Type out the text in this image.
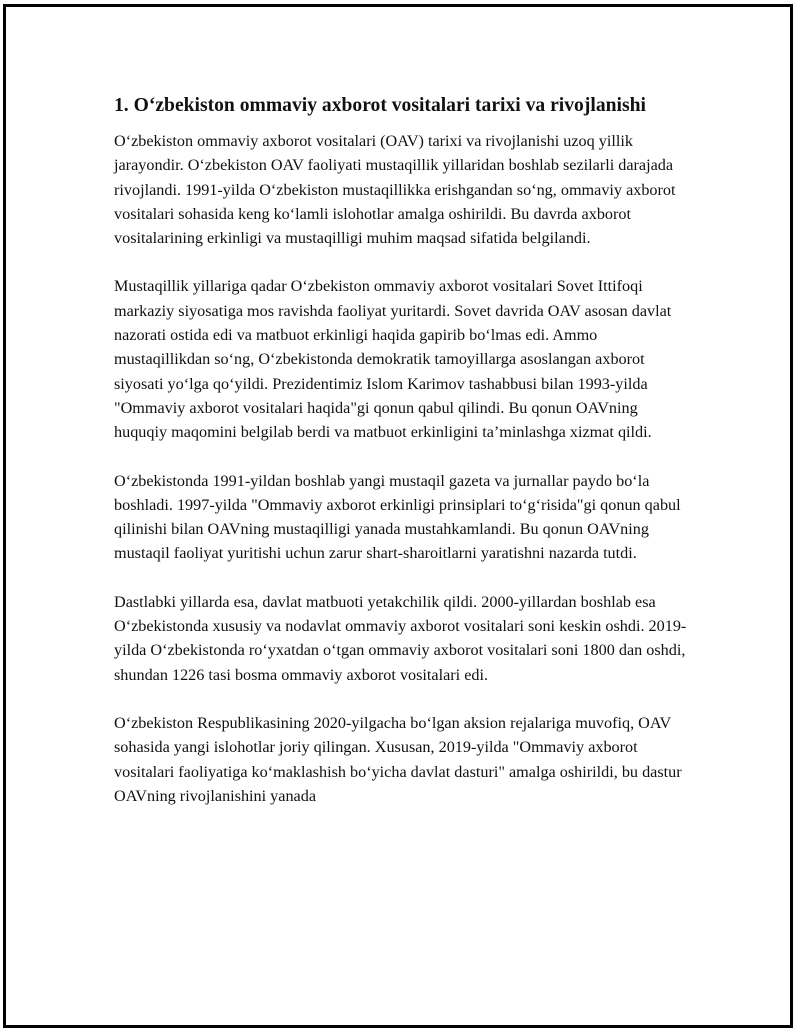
1. O‘zbekiston ommaviy axborot vositalari tarixi va rivojlanishi

O‘zbekiston ommaviy axborot vositalari (OAV) tarixi va rivojlanishi uzoq yillik jarayondir. O‘zbekiston OAV faoliyati mustaqillik yillaridan boshlab sezilarli darajada rivojlandi. 1991-yilda O‘zbekiston mustaqillikka erishgandan so‘ng, ommaviy axborot vositalari sohasida keng ko‘lamli islohotlar amalga oshirildi. Bu davrda axborot vositalarining erkinligi va mustaqilligi muhim maqsad sifatida belgilandi.

Mustaqillik yillariga qadar O‘zbekiston ommaviy axborot vositalari Sovet Ittifoqi markaziy siyosatiga mos ravishda faoliyat yuritardi. Sovet davrida OAV asosan davlat nazorati ostida edi va matbuot erkinligi haqida gapirib bo‘lmas edi. Ammo mustaqillikdan so‘ng, O‘zbekistonda demokratik tamoyillarga asoslangan axborot siyosati yo‘lga qo‘yildi. Prezidentimiz Islom Karimov tashabbusi bilan 1993-yilda "Ommaviy axborot vositalari haqida"gi qonun qabul qilindi. Bu qonun OAVning huquqiy maqomini belgilab berdi va matbuot erkinligini ta’minlashga xizmat qildi.

O‘zbekistonda 1991-yildan boshlab yangi mustaqil gazeta va jurnallar paydo bo‘la boshladi. 1997-yilda "Ommaviy axborot erkinligi prinsiplari to‘g‘risida"gi qonun qabul qilinishi bilan OAVning mustaqilligi yanada mustahkamlandi. Bu qonun OAVning mustaqil faoliyat yuritishi uchun zarur shart-sharoitlarni yaratishni nazarda tutdi.

Dastlabki yillarda esa, davlat matbuoti yetakchilik qildi. 2000-yillardan boshlab esa O‘zbekistonda xususiy va nodavlat ommaviy axborot vositalari soni keskin oshdi. 2019-yilda O‘zbekistonda ro‘yxatdan o‘tgan ommaviy axborot vositalari soni 1800 dan oshdi, shundan 1226 tasi bosma ommaviy axborot vositalari edi.

O‘zbekiston Respublikasining 2020-yilgacha bo‘lgan aksion rejalariga muvofiq, OAV sohasida yangi islohotlar joriy qilingan. Xususan, 2019-yilda "Ommaviy axborot vositalari faoliyatiga ko‘maklashish bo‘yicha davlat dasturi" amalga oshirildi, bu dastur OAVning rivojlanishini yanada
